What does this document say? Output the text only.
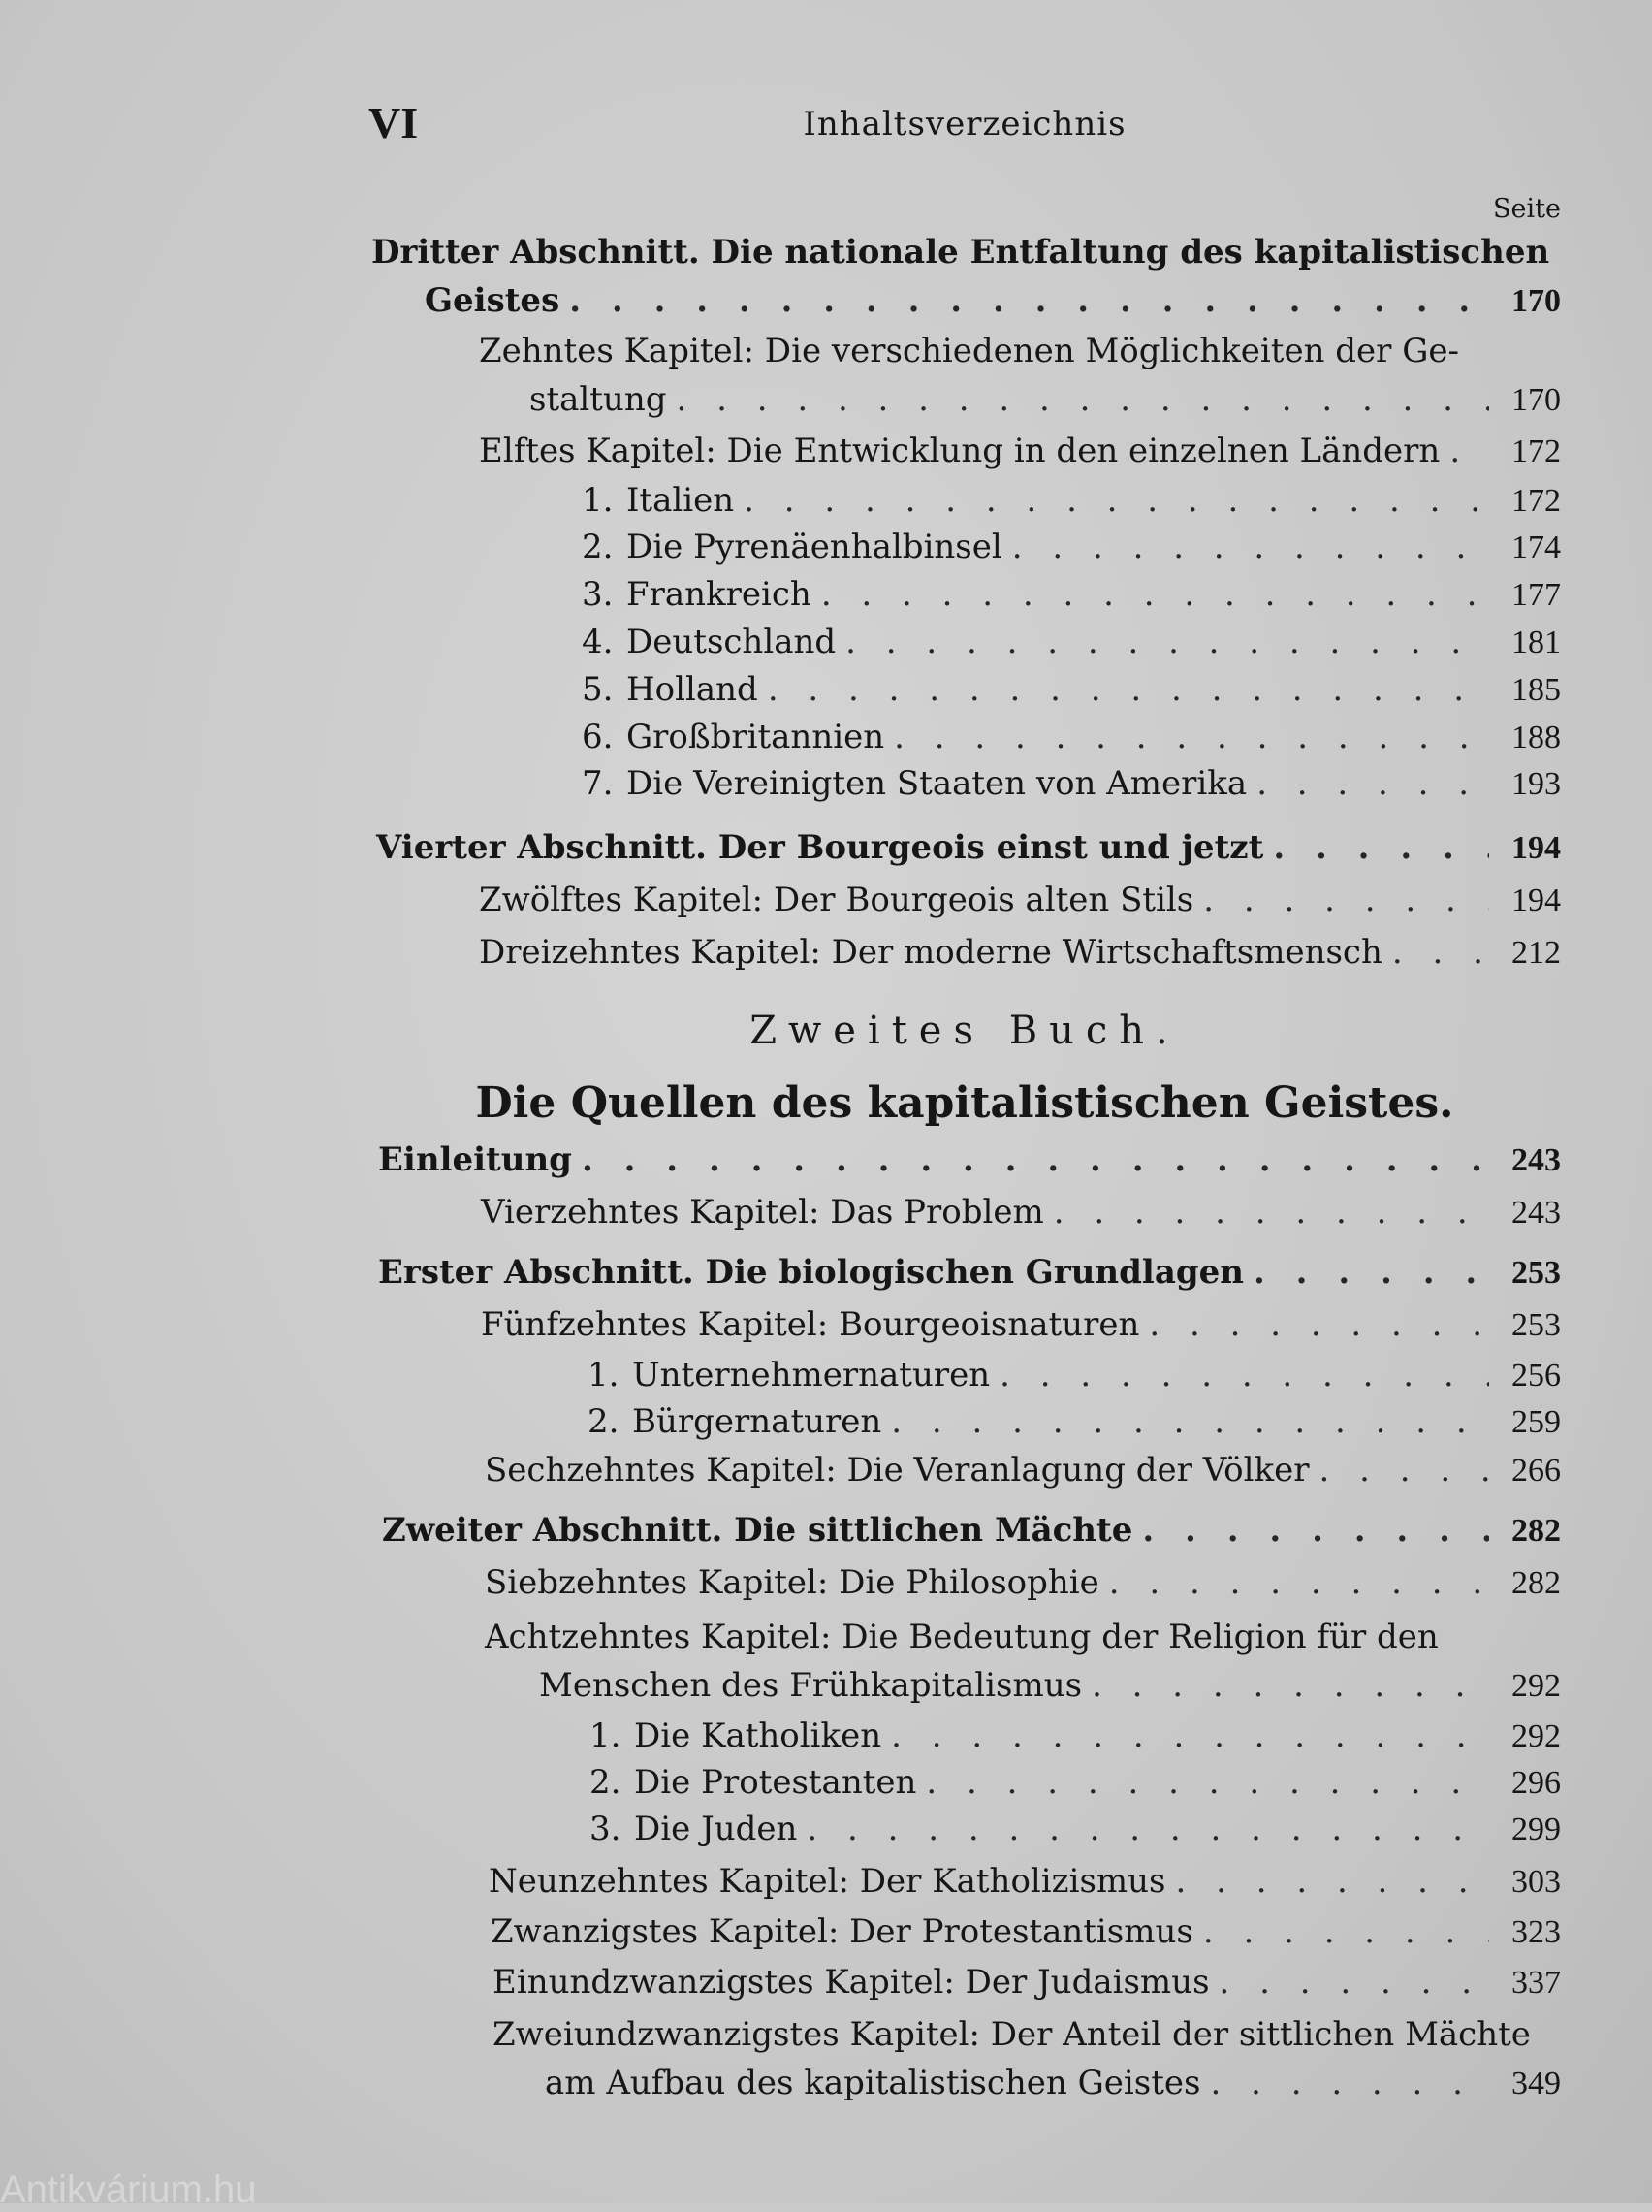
VI	Inhaltsverzeichnis
Seite
Dritter Abschnitt. Die nationale Entfaltung des kapitalistischen
Geistes . . .	170
Zehntes Kapitel: Die verschiedenen Möglichkeiten der Ge-
staltung . . .	170
Elftes Kapitel: Die Entwicklung in den einzelnen Ländern . . .	172
1. Italien . . .	172
2. Die Pyrenäenhalbinsel . . .	174
3. Frankreich . . .	177
4. Deutschland . . .	181
5. Holland . . .	185
6. Großbritannien . . .	188
7. Die Vereinigten Staaten von Amerika . . .	193
Vierter Abschnitt. Der Bourgeois einst und jetzt . . .	194
Zwölftes Kapitel: Der Bourgeois alten Stils . . .	194
Dreizehntes Kapitel: Der moderne Wirtschaftsmensch . . .	212
Zweites Buch.
Die Quellen des kapitalistischen Geistes.
Einleitung . . .	243
Vierzehntes Kapitel: Das Problem . . .	243
Erster Abschnitt. Die biologischen Grundlagen . . .	253
Fünfzehntes Kapitel: Bourgeoisnaturen . . .	253
1. Unternehmernaturen . . .	256
2. Bürgernaturen . . .	259
Sechzehntes Kapitel: Die Veranlagung der Völker . . .	266
Zweiter Abschnitt. Die sittlichen Mächte . . .	282
Siebzehntes Kapitel: Die Philosophie . . .	282
Achtzehntes Kapitel: Die Bedeutung der Religion für den
Menschen des Frühkapitalismus . . .	292
1. Die Katholiken . . .	292
2. Die Protestanten . . .	296
3. Die Juden . . .	299
Neunzehntes Kapitel: Der Katholizismus . . .	303
Zwanzigstes Kapitel: Der Protestantismus . . .	323
Einundzwanzigstes Kapitel: Der Judaismus . . .	337
Zweiundzwanzigstes Kapitel: Der Anteil der sittlichen Mächte
am Aufbau des kapitalistischen Geistes . . .	349
Antikvárium.hu
